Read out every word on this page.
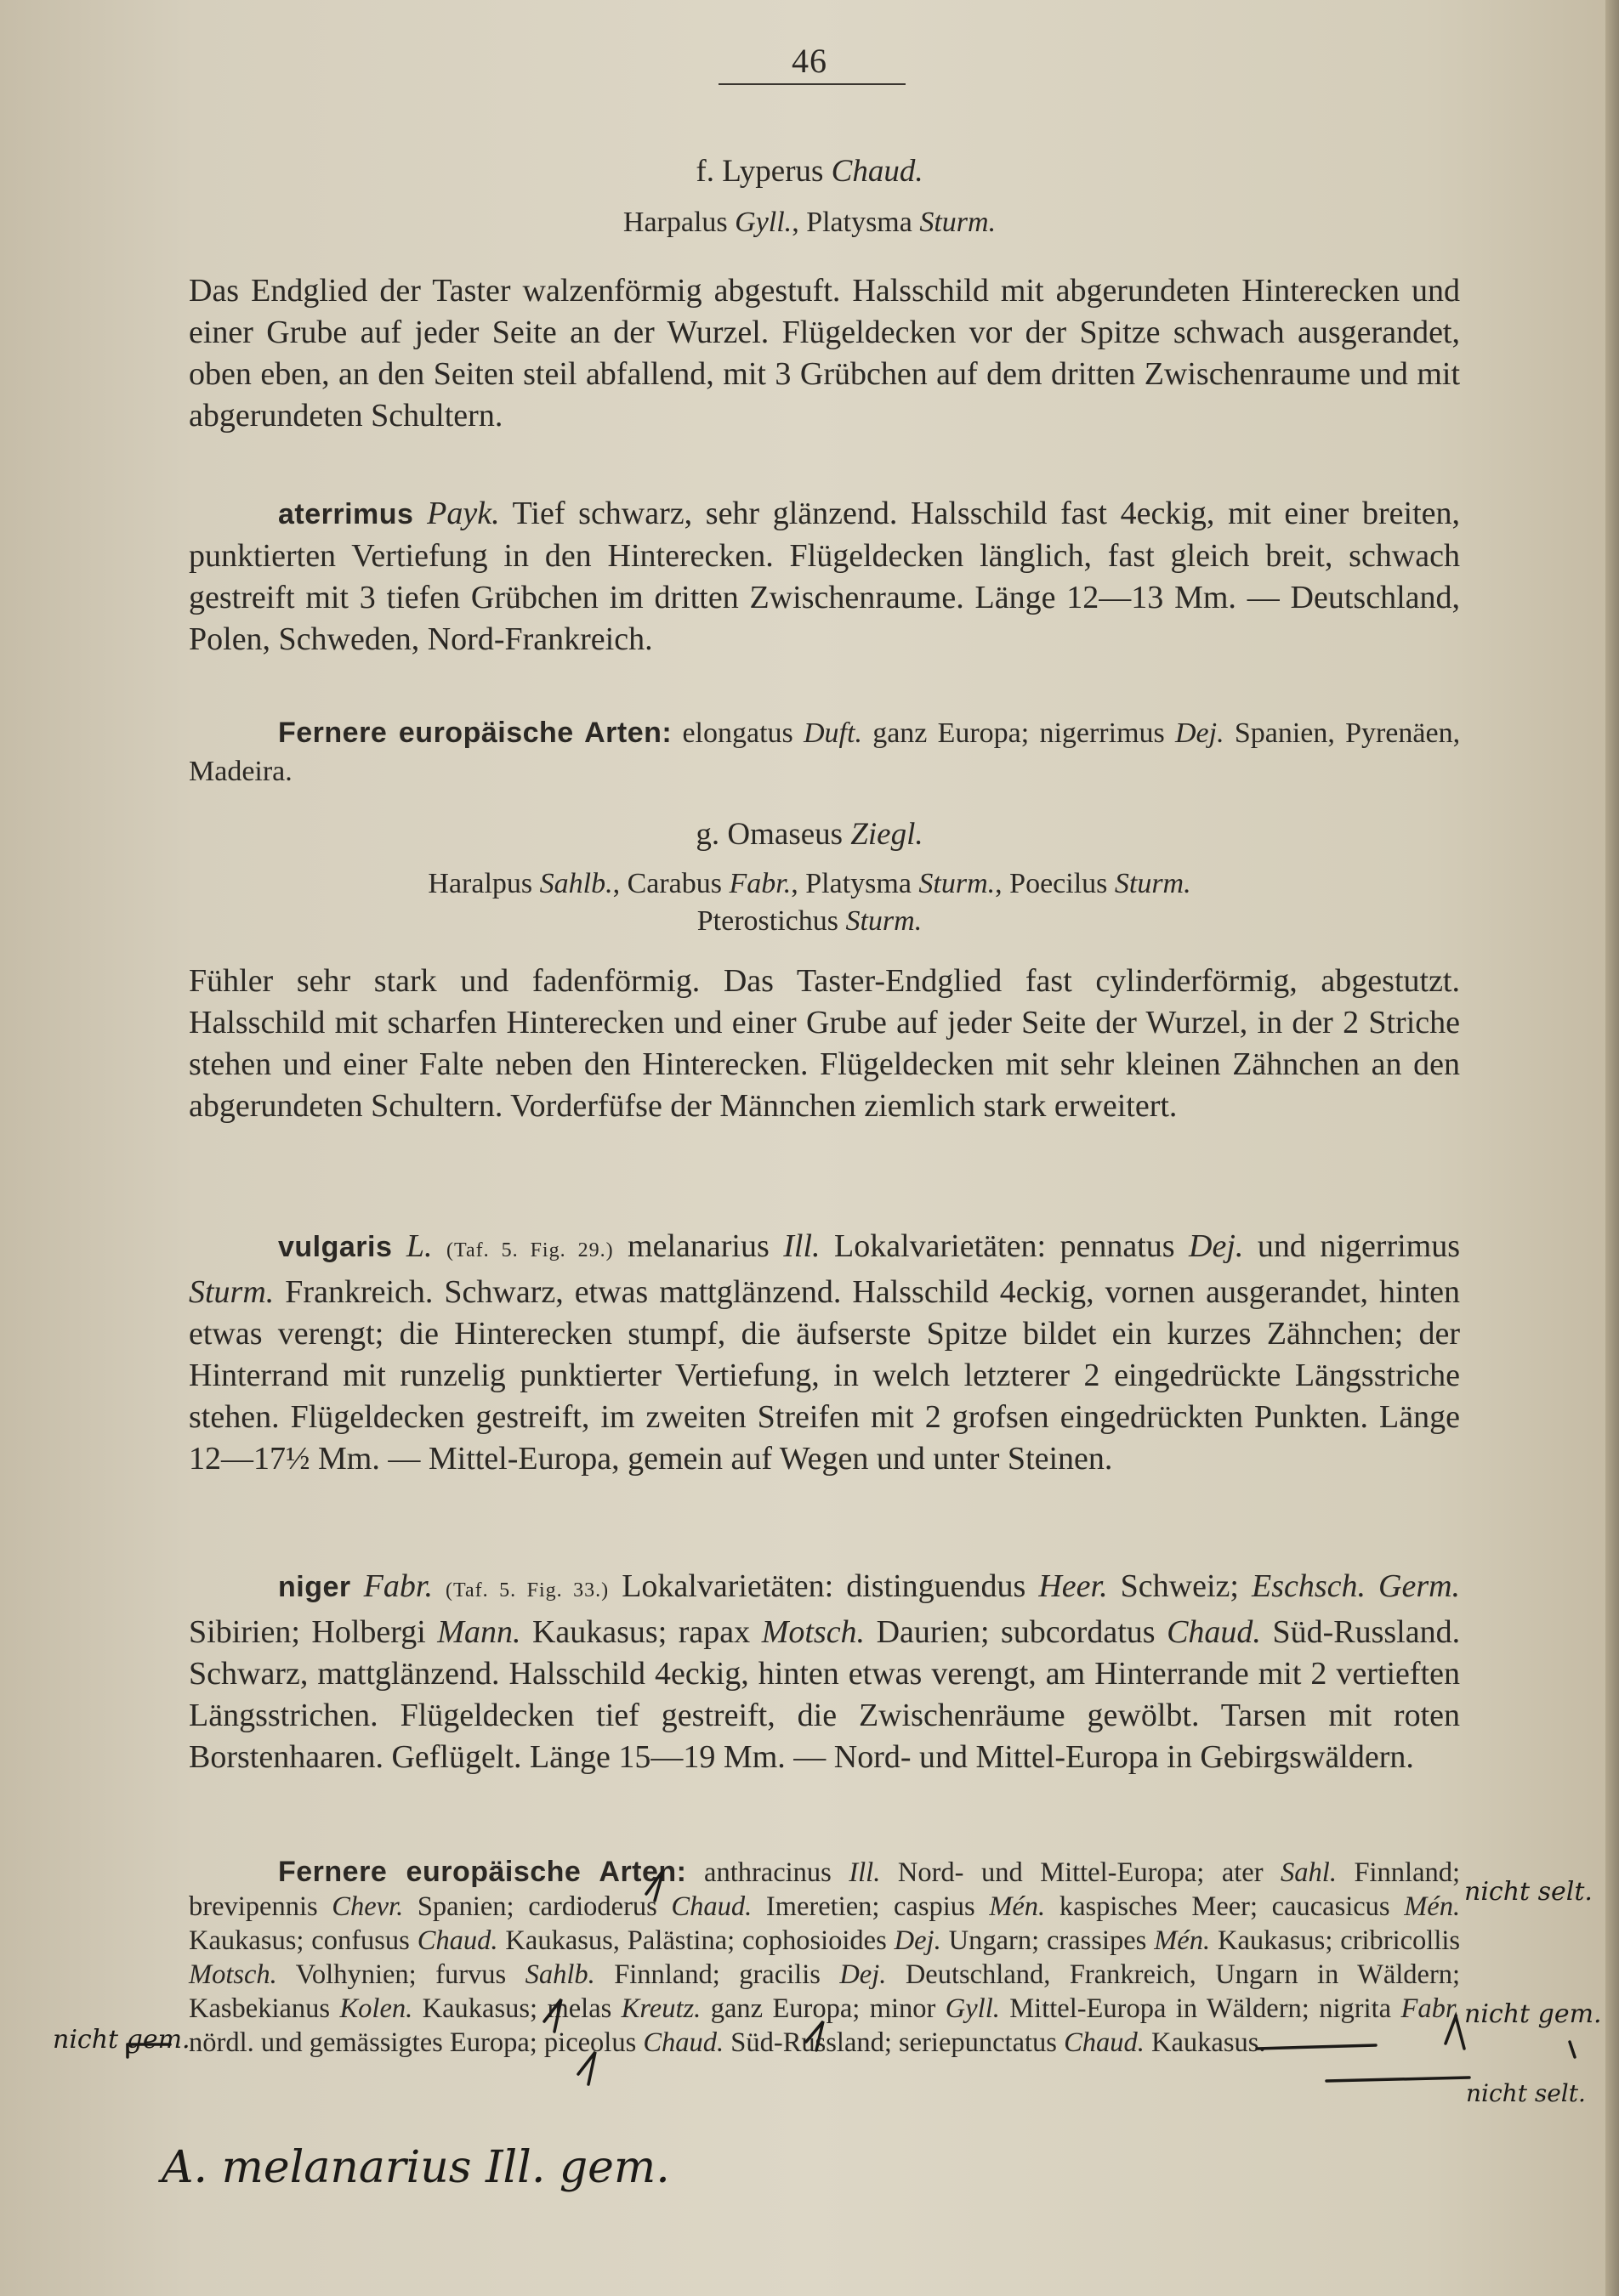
46
f. Lyperus Chaud.
Harpalus Gyll., Platysma Sturm.
Das Endglied der Taster walzenförmig abgestuft. Halsschild mit abgerundeten Hinterecken und einer Grube auf jeder Seite an der Wurzel. Flügeldecken vor der Spitze schwach ausgerandet, oben eben, an den Seiten steil abfallend, mit 3 Grübchen auf dem dritten Zwischenraume und mit abgerundeten Schultern.
aterrimus Payk. Tief schwarz, sehr glänzend. Halsschild fast 4eckig, mit einer breiten, punktierten Vertiefung in den Hinterecken. Flügeldecken länglich, fast gleich breit, schwach gestreift mit 3 tiefen Grübchen im dritten Zwischenraume. Länge 12—13 Mm. — Deutschland, Polen, Schweden, Nord-Frankreich.
Fernere europäische Arten: elongatus Duft. ganz Europa; nigerrimus Dej. Spanien, Pyrenäen, Madeira.
g. Omaseus Ziegl.
Haralpus Sahlb., Carabus Fabr., Platysma Sturm., Poecilus Sturm.
Pterostichus Sturm.
Fühler sehr stark und fadenförmig. Das Taster-Endglied fast cylinderförmig, abgestutzt. Halsschild mit scharfen Hinterecken und einer Grube auf jeder Seite der Wurzel, in der 2 Striche stehen und einer Falte neben den Hinterecken. Flügeldecken mit sehr kleinen Zähnchen an den abgerundeten Schultern. Vorderfüfse der Männchen ziemlich stark erweitert.
vulgaris L. (Taf. 5. Fig. 29.) melanarius Ill. Lokalvarietäten: pennatus Dej. und nigerrimus Sturm. Frankreich. Schwarz, etwas mattglänzend. Halsschild 4eckig, vornen ausgerandet, hinten etwas verengt; die Hinterecken stumpf, die äufserste Spitze bildet ein kurzes Zähnchen; der Hinterrand mit runzelig punktierter Vertiefung, in welch letzterer 2 eingedrückte Längsstriche stehen. Flügeldecken gestreift, im zweiten Streifen mit 2 grofsen eingedrückten Punkten. Länge 12—17½ Mm. — Mittel-Europa, gemein auf Wegen und unter Steinen.
niger Fabr. (Taf. 5. Fig. 33.) Lokalvarietäten: distinguendus Heer. Schweiz; Eschsch. Germ. Sibirien; Holbergi Mann. Kaukasus; rapax Motsch. Daurien; subcordatus Chaud. Süd-Russland. Schwarz, mattglänzend. Halsschild 4eckig, hinten etwas verengt, am Hinterrande mit 2 vertieften Längsstrichen. Flügeldecken tief gestreift, die Zwischenräume gewölbt. Tarsen mit roten Borstenhaaren. Geflügelt. Länge 15—19 Mm. — Nord- und Mittel-Europa in Gebirgswäldern.
Fernere europäische Arten: anthracinus Ill. Nord- und Mittel-Europa; ater Sahl. Finnland; brevipennis Chevr. Spanien; cardioderus Chaud. Imeretien; caspius Mén. kaspisches Meer; caucasicus Mén. Kaukasus; confusus Chaud. Kaukasus, Palästina; cophosioides Dej. Ungarn; crassipes Mén. Kaukasus; cribricollis Motsch. Volhynien; furvus Sahlb. Finnland; gracilis Dej. Deutschland, Frankreich, Ungarn in Wäldern; Kasbekianus Kolen. Kaukasus; melas Kreutz. ganz Europa; minor Gyll. Mittel-Europa in Wäldern; nigrita Fabr. nördl. und gemässigtes Europa; piceolus Chaud. Süd-Russland; seriepunctatus Chaud. Kaukasus.
nicht selt.
nicht gem.
nicht gem.
nicht selt.
A. melanarius Ill. gem.
